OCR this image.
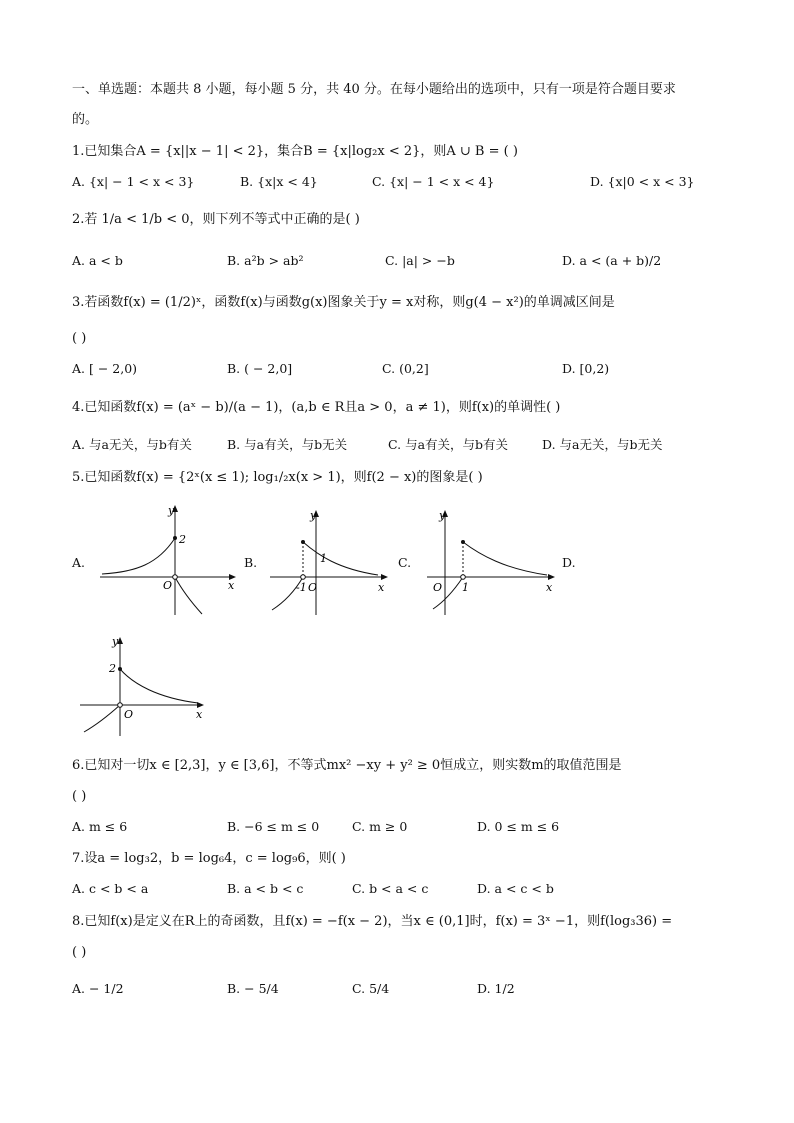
一、单选题：本题共 8 小题，每小题 5 分，共 40 分。在每小题给出的选项中，只有一项是符合题目要求
的。
1.已知集合A = {x||x − 1| < 2}，集合B = {x|log₂x < 2}，则A ∪ B = ( )
A. {x| − 1 < x < 3}	B. {x|x < 4}	C. {x| − 1 < x < 4}	D. {x|0 < x < 3}
2.若 1/a < 1/b < 0，则下列不等式中正确的是( )
A. a < b	B. a²b > ab²	C. |a| > −b	D. a < (a + b)/2
3.若函数f(x) = (1/2)ˣ，函数f(x)与函数g(x)图象关于y = x对称，则g(4 − x²)的单调减区间是
( )
A. [ − 2,0)	B. ( − 2,0]	C. (0,2]	D. [0,2)
4.已知函数f(x) = (aˣ − b)/(a − 1)，(a,b ∈ R且a > 0，a ≠ 1)，则f(x)的单调性( )
A. 与a无关，与b有关	B. 与a有关，与b无关	C. 与a有关，与b有关	D. 与a无关，与b无关
5.已知函数f(x) = {2ˣ(x ≤ 1); log₁/₂x(x > 1)，则f(2 − x)的图象是( )
A.	B.	C.	D.
y
2
O	x
y
1
-1 O	x
y
O 1	x
y
2
O	x
6.已知对一切x ∈ [2,3]，y ∈ [3,6]，不等式mx² −xy + y² ≥ 0恒成立，则实数m的取值范围是
( )
A. m ≤ 6	B. −6 ≤ m ≤ 0	C. m ≥ 0	D. 0 ≤ m ≤ 6
7.设a = log₃2，b = log₆4，c = log₉6，则( )
A. c < b < a	B. a < b < c	C. b < a < c	D. a < c < b
8.已知f(x)是定义在R上的奇函数，且f(x) = −f(x − 2)，当x ∈ (0,1]时，f(x) = 3ˣ −1，则f(log₃36) =
( )
A. − 1/2	B. − 5/4	C. 5/4	D. 1/2
